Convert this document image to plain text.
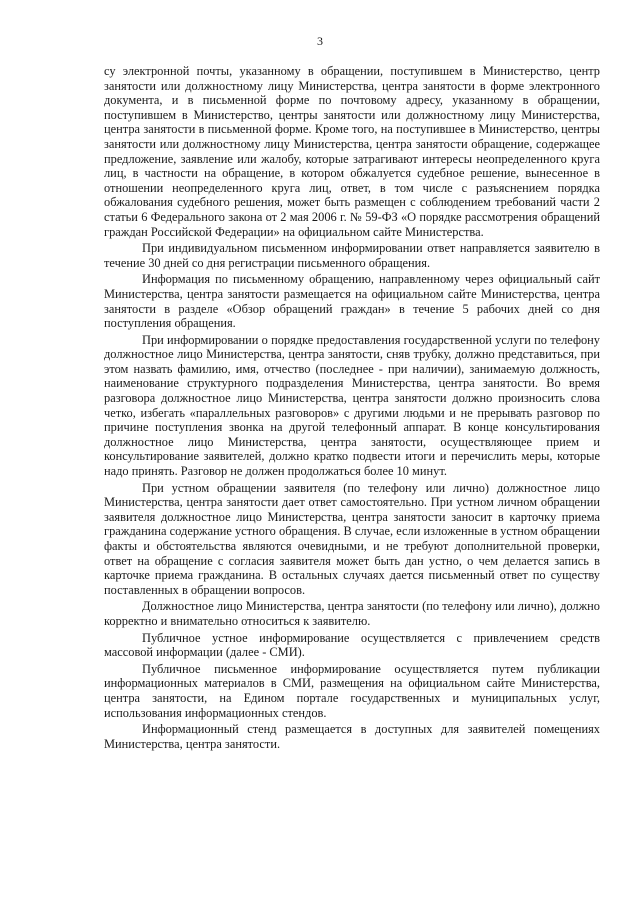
3

су электронной почты, указанному в обращении, поступившем в Министерство, центр занятости или должностному лицу Министерства, центра занятости в форме электронного документа, и в письменной форме по почтовому адресу, указанному в обращении, поступившем в Министерство, центры занятости или должностному лицу Министерства, центра занятости в письменной форме. Кроме того, на поступившее в Министерство, центры занятости или должностному лицу Министерства, центра занятости обращение, содержащее предложение, заявление или жалобу, которые затрагивают интересы неопределенного круга лиц, в частности на обращение, в котором обжалуется судебное решение, вынесенное в отношении неопределенного круга лиц, ответ, в том числе с разъяснением порядка обжалования судебного решения, может быть размещен с соблюдением требований части 2 статьи 6 Федерального закона от 2 мая 2006 г. № 59-ФЗ «О порядке рассмотрения обращений граждан Российской Федерации» на официальном сайте Министерства.

При индивидуальном письменном информировании ответ направляется заявителю в течение 30 дней со дня регистрации письменного обращения.

Информация по письменному обращению, направленному через официальный сайт Министерства, центра занятости размещается на официальном сайте Министерства, центра занятости в разделе «Обзор обращений граждан» в течение 5 рабочих дней со дня поступления обращения.

При информировании о порядке предоставления государственной услуги по телефону должностное лицо Министерства, центра занятости, сняв трубку, должно представиться, при этом назвать фамилию, имя, отчество (последнее - при наличии), занимаемую должность, наименование структурного подразделения Министерства, центра занятости. Во время разговора должностное лицо Министерства, центра занятости должно произносить слова четко, избегать «параллельных разговоров» с другими людьми и не прерывать разговор по причине поступления звонка на другой телефонный аппарат. В конце консультирования должностное лицо Министерства, центра занятости, осуществляющее прием и консультирование заявителей, должно кратко подвести итоги и перечислить меры, которые надо принять. Разговор не должен продолжаться более 10 минут.

При устном обращении заявителя (по телефону или лично) должностное лицо Министерства, центра занятости дает ответ самостоятельно. При устном личном обращении заявителя должностное лицо Министерства, центра занятости заносит в карточку приема гражданина содержание устного обращения. В случае, если изложенные в устном обращении факты и обстоятельства являются очевидными, и не требуют дополнительной проверки, ответ на обращение с согласия заявителя может быть дан устно, о чем делается запись в карточке приема гражданина. В остальных случаях дается письменный ответ по существу поставленных в обращении вопросов.

Должностное лицо Министерства, центра занятости (по телефону или лично), должно корректно и внимательно относиться к заявителю.

Публичное устное информирование осуществляется с привлечением средств массовой информации (далее - СМИ).

Публичное письменное информирование осуществляется путем публикации информационных материалов в СМИ, размещения на официальном сайте Министерства, центра занятости, на Едином портале государственных и муниципальных услуг, использования информационных стендов.

Информационный стенд размещается в доступных для заявителей помещениях Министерства, центра занятости.
